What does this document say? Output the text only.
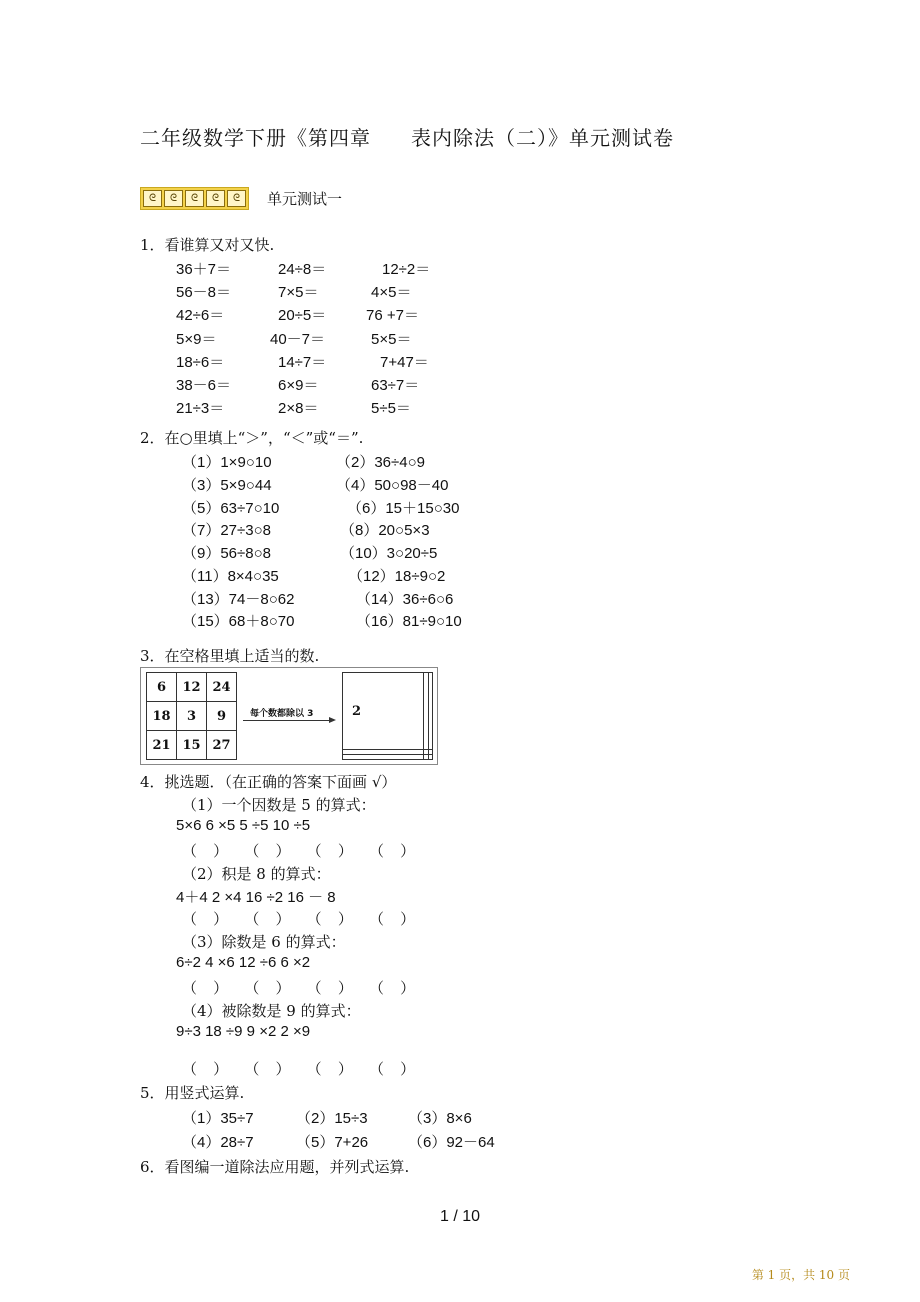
二年级数学下册《第四章 表内除法（二）》单元测试卷
ᘓ	ᘓ	ᘓ	ᘓ	ᘓ	单元测试一
1．看谁算又对又快.
36＋7＝	24÷8＝	12÷2＝
56－8＝	7×5＝	4×5＝
42÷6＝	20÷5＝	76 +7＝
5×9＝	40－7＝	5×5＝
18÷6＝	14÷7＝	7+47＝
38－6＝	6×9＝	63÷7＝
21÷3＝	2×8＝	5÷5＝
2．在○里填上“＞”，“＜”或“＝”.
（1）1×9○10	（2）36÷4○9
（3）5×9○44	（4）50○98－40
（5）63÷7○10	（6）15＋15○30
（7）27÷3○8	（8）20○5×3
（9）56÷8○8	（10）3○20÷5
（11）8×4○35	（12）18÷9○2
（13）74－8○62	（14）36÷6○6
（15）68＋8○70	（16）81÷9○10
3．在空格里填上适当的数.
6	12	24
18	3	9
21	15	27
每个数都除以 3	2		

4．挑选题．（在正确的答案下面画 √）
（1）一个因数是 5 的算式：
5×6 6 ×5 5 ÷5 10 ÷5
（ ） （ ） （ ） （ ）
（2）积是 8 的算式：
4＋4 2 ×4 16 ÷2 16 － 8
（ ） （ ） （ ） （ ）
（3）除数是 6 的算式：
6÷2 4 ×6 12 ÷6 6 ×2
（ ） （ ） （ ） （ ）
（4）被除数是 9 的算式：
9÷3 18 ÷9 9 ×2 2 ×9
（ ） （ ） （ ） （ ）
5．用竖式运算.
（1）35÷7	（2）15÷3	（3）8×6
（4）28÷7	（5）7+26	（6）92－64
6．看图编一道除法应用题，并列式运算.
1 / 10
第 1 页，共 10 页
